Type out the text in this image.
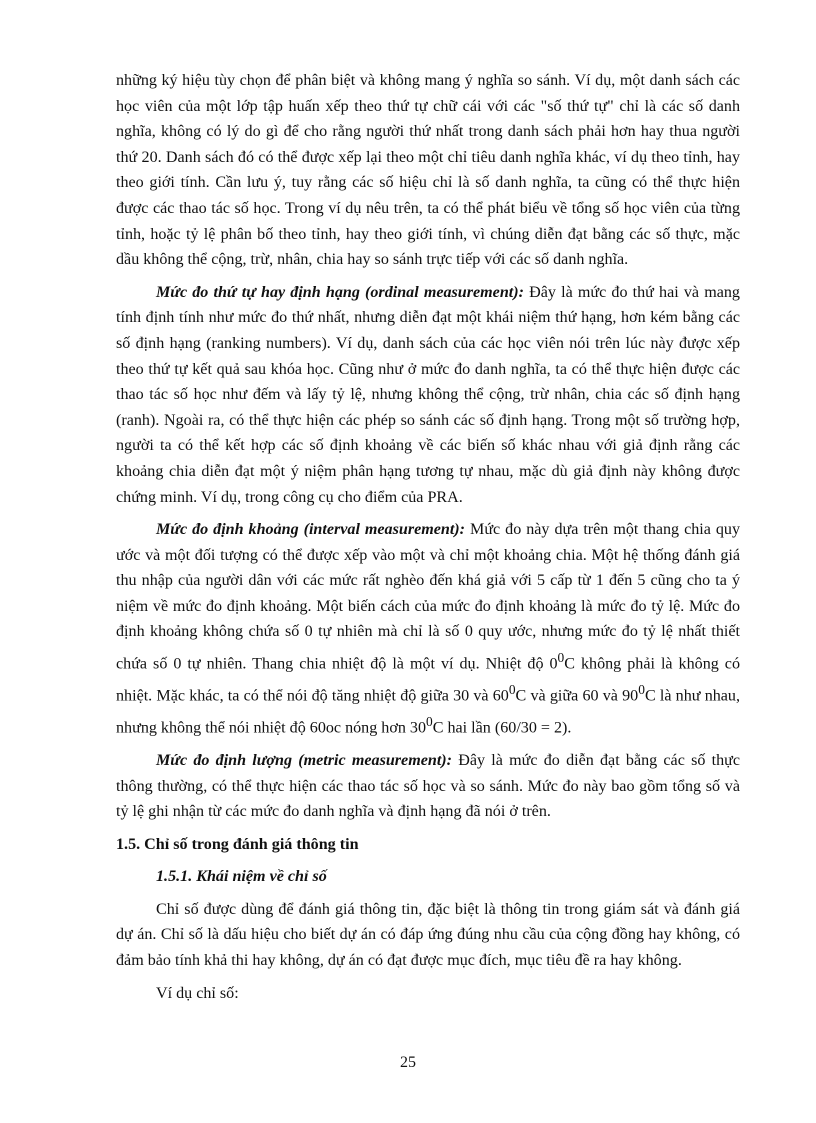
những ký hiệu tùy chọn để phân biệt và không mang ý nghĩa so sánh. Ví dụ, một danh sách các học viên của một lớp tập huấn xếp theo thứ tự chữ cái với các "số thứ tự" chỉ là các số danh nghĩa, không có lý do gì để cho rằng người thứ nhất trong danh sách phải hơn hay thua người thứ 20. Danh sách đó có thể được xếp lại theo một chỉ tiêu danh nghĩa khác, ví dụ theo tỉnh, hay theo giới tính. Cần lưu ý, tuy rằng các số hiệu chỉ là số danh nghĩa, ta cũng có thể thực hiện được các thao tác số học. Trong ví dụ nêu trên, ta có thể phát biểu về tổng số học viên của từng tỉnh, hoặc tỷ lệ phân bố theo tỉnh, hay theo giới tính, vì chúng diễn đạt bằng các số thực, mặc dầu không thể cộng, trừ, nhân, chia hay so sánh trực tiếp với các số danh nghĩa.

Mức đo thứ tự hay định hạng (ordinal measurement): Đây là mức đo thứ hai và mang tính định tính như mức đo thứ nhất, nhưng diễn đạt một khái niệm thứ hạng, hơn kém bằng các số định hạng (ranking numbers). Ví dụ, danh sách của các học viên nói trên lúc này được xếp theo thứ tự kết quả sau khóa học. Cũng như ở mức đo danh nghĩa, ta có thể thực hiện được các thao tác số học như đếm và lấy tỷ lệ, nhưng không thể cộng, trừ nhân, chia các số định hạng (ranh). Ngoài ra, có thể thực hiện các phép so sánh các số định hạng. Trong một số trường hợp, người ta có thể kết hợp các số định khoảng về các biến số khác nhau với giả định rằng các khoảng chia diễn đạt một ý niệm phân hạng tương tự nhau, mặc dù giả định này không được chứng minh. Ví dụ, trong công cụ cho điểm của PRA.

Mức đo định khoảng (interval measurement): Mức đo này dựa trên một thang chia quy ước và một đối tượng có thể được xếp vào một và chỉ một khoảng chia. Một hệ thống đánh giá thu nhập của người dân với các mức rất nghèo đến khá giả với 5 cấp từ 1 đến 5 cũng cho ta ý niệm về mức đo định khoảng. Một biến cách của mức đo định khoảng là mức đo tỷ lệ. Mức đo định khoảng không chứa số 0 tự nhiên mà chỉ là số 0 quy ước, nhưng mức đo tỷ lệ nhất thiết chứa số 0 tự nhiên. Thang chia nhiệt độ là một ví dụ. Nhiệt độ $0^0C$ không phải là không có nhiệt. Mặc khác, ta có thể nói độ tăng nhiệt độ giữa 30 và $60^0C$ và giữa 60 và $90^0C$ là như nhau, nhưng không thể nói nhiệt độ 60oc nóng hơn $30^0C$ hai lần (60/30 = 2).

Mức đo định lượng (metric measurement): Đây là mức đo diễn đạt bằng các số thực thông thường, có thể thực hiện các thao tác số học và so sánh. Mức đo này bao gồm tổng số và tỷ lệ ghi nhận từ các mức đo danh nghĩa và định hạng đã nói ở trên.

1.5. Chỉ số trong đánh giá thông tin
1.5.1. Khái niệm về chỉ số

Chỉ số được dùng để đánh giá thông tin, đặc biệt là thông tin trong giám sát và đánh giá dự án. Chỉ số là dấu hiệu cho biết dự án có đáp ứng đúng nhu cầu của cộng đồng hay không, có đảm bảo tính khả thi hay không, dự án có đạt được mục đích, mục tiêu đề ra hay không.

Ví dụ chỉ số:

25
